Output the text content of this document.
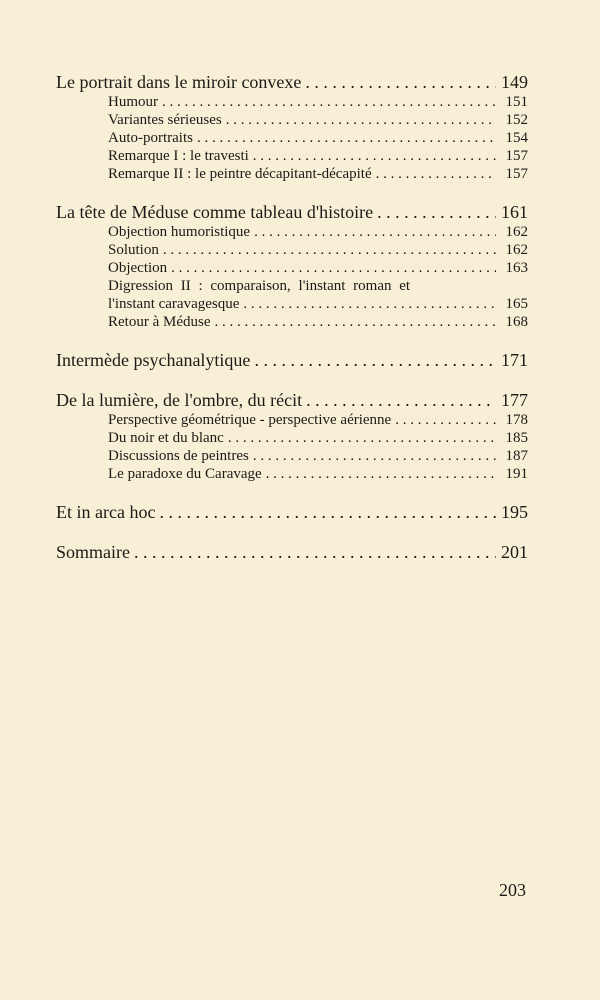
Le portrait dans le miroir convexe . . .	149
Humour . . .	151
Variantes sérieuses . . .	152
Auto-portraits . . .	154
Remarque I : le travesti . . .	157
Remarque II : le peintre décapitant-décapité . . .	157
La tête de Méduse comme tableau d'histoire . . .	161
Objection humoristique . . .	162
Solution . . .	162
Objection . . .	163
Digression II : comparaison, l'instant roman et
l'instant caravagesque . . .	165
Retour à Méduse . . .	168
Intermède psychanalytique . . .	171
De la lumière, de l'ombre, du récit . . .	177
Perspective géométrique - perspective aérienne . . .	178
Du noir et du blanc . . .	185
Discussions de peintres . . .	187
Le paradoxe du Caravage . . .	191
Et in arca hoc . . .	195
Sommaire . . .	201
203
